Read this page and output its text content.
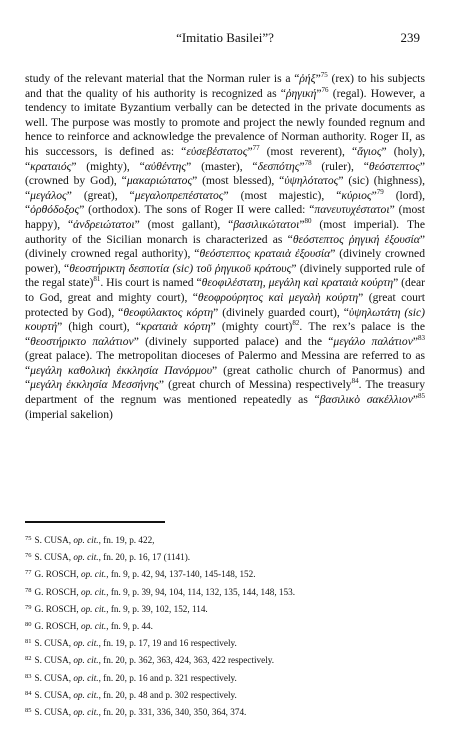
“Imitatio Basilei”?	239

study of the relevant material that the Norman ruler is a “ῥήξ”$^{75}$ (rex) to his subjects and that the quality of his authority is recognized as “ῥηγική”$^{76}$ (regal). However, a tendency to imitate Byzantium verbally can be detected in the private documents as well. The purpose was mostly to promote and project the newly founded regnum and hence to reinforce and acknowledge the prevalence of Norman authority. Roger II, as his successors, is defined as: “εὐσεβέστατος”$^{77}$ (most reverent), “ἅγιος” (holy), “κραταιός” (mighty), “αὐθέντης” (master), “δεσπότης”$^{78}$ (ruler), “θεόστεπτος” (crowned by God), “μακαριώτατος” (most blessed), “ὑψηλότατος” (sic) (highness), “μεγάλος” (great), “μεγαλοπρεπέστατος” (most majestic), “κύριος”$^{79}$ (lord), “ὀρθόδοξος” (orthodox). The sons of Roger II were called: “πανευτυχέστατοι” (most happy), “ἀνδρειώτατοι” (most gallant), “βασιλικώτατοι”$^{80}$ (most imperial). The authority of the Sicilian monarch is characterized as “θεόστεπτος ῥηγική ἐξουσία” (divinely crowned regal authority), “θεόστεπτος κραταιὰ ἐξουσία” (divinely crowned power), “θεοστήρικτη δεσποτία (sic) τοῦ ῥηγικοῦ κράτους” (divinely supported rule of the regal state)$^{81}$. His court is named “θεοφιλέστατη, μεγάλη καὶ κραταιὰ κούρτη” (dear to God, great and mighty court), “θεοφρούρητος καὶ μεγαλὴ κούρτη” (great court protected by God), “θεοφύλακτος κόρτη” (divinely guarded court), “ὑψηλωτάτη (sic) κουρτή” (high court), “κραταιὰ κόρτη” (mighty court)$^{82}$. The rex’s palace is the “θεοστήρικτο παλάτιον” (divinely supported palace) and the “μεγάλο παλάτιον”$^{83}$ (great palace). The metropolitan dioceses of Palermo and Messina are referred to as “μεγάλη καθολικὴ ἐκκλησία Πανόρμου” (great catholic church of Panormus) and “μεγάλη ἐκκλησία Μεσσήνης” (great church of Messina) respectively$^{84}$. The treasury department of the regnum was mentioned repeatedly as “βασιλικὸ σακέλλιον”$^{85}$ (imperial sakelion)

$^{75}$ S. CUSA, op. cit., fn. 19, p. 422,
$^{76}$ S. CUSA, op. cit., fn. 20, p. 16, 17 (1141).
$^{77}$ G. ROSCH, op. cit., fn. 9, p. 42, 94, 137-140, 145-148, 152.
$^{78}$ G. ROSCH, op. cit., fn. 9, p. 39, 94, 104, 114, 132, 135, 144, 148, 153.
$^{79}$ G. ROSCH, op. cit., fn. 9, p. 39, 102, 152, 114.
$^{80}$ G. ROSCH, op. cit., fn. 9, p. 44.
$^{81}$ S. CUSA, op. cit., fn. 19, p. 17, 19 and 16 respectively.
$^{82}$ S. CUSA, op. cit., fn. 20, p. 362, 363, 424, 363, 422 respectively.
$^{83}$ S. CUSA, op. cit., fn. 20, p. 16 and p. 321 respectively.
$^{84}$ S. CUSA, op. cit., fn. 20, p. 48 and p. 302 respectively.
$^{85}$ S. CUSA, op. cit., fn. 20, p. 331, 336, 340, 350, 364, 374.
